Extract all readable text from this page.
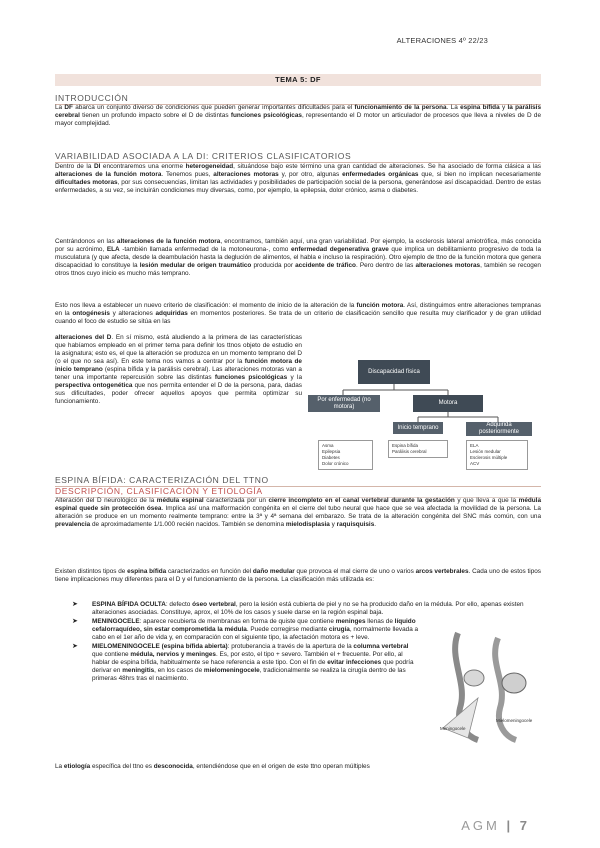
ALTERACIONES 4º 22/23
TEMA 5: DF
INTRODUCCIÓN
La DF abarca un conjunto diverso de condiciones que pueden generar importantes dificultades para el funcionamiento de la persona. La espina bífida y la parálisis cerebral tienen un profundo impacto sobre el D de distintas funciones psicológicas, representando el D motor un articulador de procesos que lleva a niveles de D de mayor complejidad.
VARIABILIDAD ASOCIADA A LA DI: CRITERIOS CLASIFICATORIOS
Dentro de la DI encontraremos una enorme heterogeneidad, situándose bajo este término una gran cantidad de alteraciones. Se ha asociado de forma clásica a las alteraciones de la función motora. Tenemos pues, alteraciones motoras y, por otro, algunas enfermedades orgánicas que, si bien no implican necesariamente dificultades motoras, por sus consecuencias, limitan las actividades y posibilidades de participación social de la persona, generándose así discapacidad. Dentro de estas enfermedades, a su vez, se incluirán condiciones muy diversas, como, por ejemplo, la epilepsia, dolor crónico, asma o diabetes.
Centrándonos en las alteraciones de la función motora, encontramos, también aquí, una gran variabilidad. Por ejemplo, la esclerosis lateral amiotrófica, más conocida por su acrónimo, ELA -también llamada enfermedad de la motoneurona-, como enfermedad degenerativa grave que implica un debilitamiento progresivo de toda la musculatura (y que afecta, desde la deambulación hasta la deglución de alimentos, el habla e incluso la respiración). Otro ejemplo de ttno de la función motora que genera discapacidad lo constituye la lesión medular de origen traumático producida por accidente de tráfico. Pero dentro de las alteraciones motoras, también se recogen otros ttnos cuyo inicio es mucho más temprano.
Esto nos lleva a establecer un nuevo criterio de clasificación: el momento de inicio de la alteración de la función motora. Así, distinguimos entre alteraciones tempranas en la ontogénesis y alteraciones adquiridas en momentos posteriores. Se trata de un criterio de clasificación sencillo que resulta muy clarificador y de gran utilidad cuando el foco de estudio se sitúa en las
alteraciones del D. En sí mismo, está aludiendo a la primera de las características que habíamos empleado en el primer tema para definir los ttnos objeto de estudio en la asignatura; esto es, el que la alteración se produzca en un momento temprano del D (o el que no sea así). En este tema nos vamos a centrar por la función motora de inicio temprano (espina bífida y la parálisis cerebral). Las alteraciones motoras van a tener una importante repercusión sobre las distintas funciones psicológicas y la perspectiva ontogenética que nos permita entender el D de la persona, para, dadas sus dificultades, poder ofrecer aquellos apoyos que permita optimizar su funcionamiento.
Discapacidad física
Por enfermedad (no motora)
Motora
Inicio temprano	Adquirida posteriormente
Asma
Epilepsia
Diabetes
Dolor crónico
Espina bífida
Parálisis cerebral
ELA
Lesión medular
Esclerosis múltiple
ACV
ESPINA BÍFIDA: CARACTERIZACIÓN DEL TTNO
DESCRIPCIÓN, CLASIFICACIÓN Y ETIOLOGÍA
Alteración del D neurológico de la médula espinal caracterizada por un cierre incompleto en el canal vertebral durante la gestación y que lleva a que la médula espinal quede sin protección ósea. Implica así una malformación congénita en el cierre del tubo neural que hace que se vea afectada la movilidad de la persona. La alteración se produce en un momento realmente temprano: entre la 3ª y 4ª semana del embarazo. Se trata de la alteración congénita del SNC más común, con una prevalencia de aproximadamente 1/1.000 recién nacidos. También se denomina mielodisplasia y raquisquisis.
Existen distintos tipos de espina bífida caracterizados en función del daño medular que provoca el mal cierre de uno o varios arcos vertebrales. Cada uno de estos tipos tiene implicaciones muy diferentes para el D y el funcionamiento de la persona. La clasificación más utilizada es:
➤ ESPINA BÍFIDA OCULTA: defecto óseo vertebral, pero la lesión está cubierta de piel y no se ha producido daño en la médula. Por ello, apenas existen alteraciones asociadas. Constituye, aprox, el 10% de los casos y suele darse en la región espinal baja.
➤ MENINGOCELE: aparece recubierta de membranas en forma de quiste que contiene meninges llenas de líquido cefalorraquídeo, sin estar comprometida la médula. Puede corregirse mediante cirugía, normalmente llevada a cabo en el 1er año de vida y, en comparación con el siguiente tipo, la afectación motora es + leve.
➤ MIELOMENINGOCELE (espina bífida abierta): protuberancia a través de la apertura de la columna vertebral que contiene médula, nervios y meninges. Es, por esto, el tipo + severo. También el + frecuente. Por ello, al hablar de espina bífida, habitualmente se hace referencia a este tipo. Con el fin de evitar infecciones que podría derivar en meningitis, en los casos de mielomeningocele, tradicionalmente se realiza la cirugía dentro de las primeras 48hrs tras el nacimiento.
Meningocele
Mielomeningocele
La etiología específica del ttno es desconocida, entendiéndose que en el origen de este ttno operan múltiples
AGM | 7
